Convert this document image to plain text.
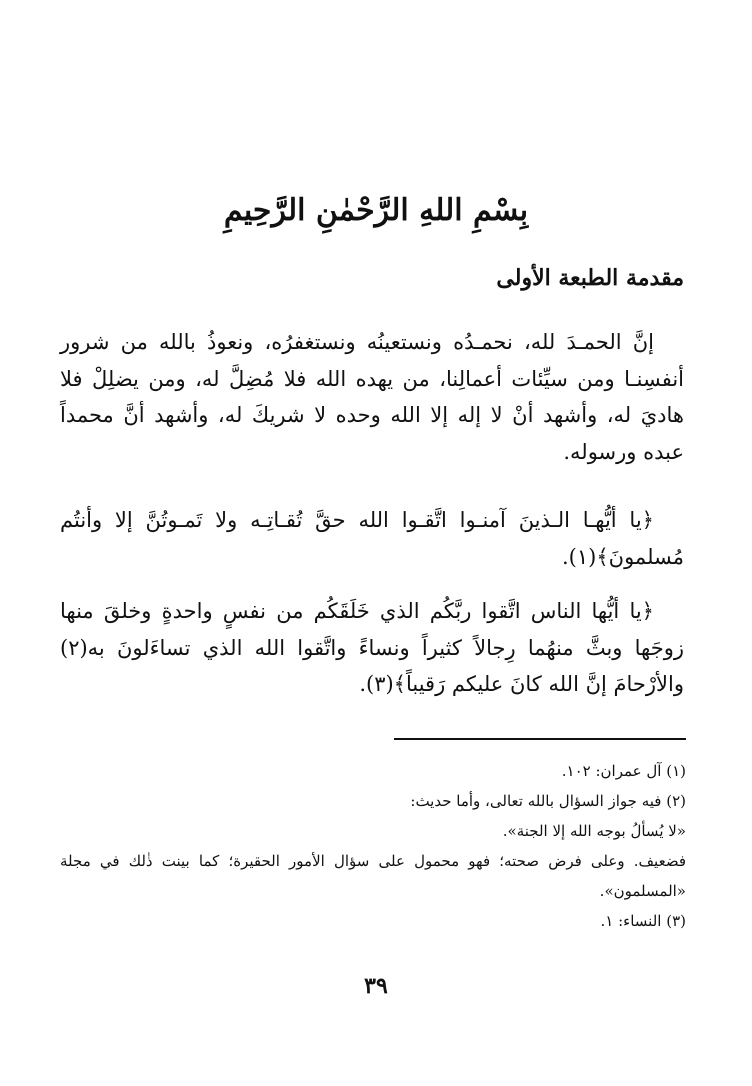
بِسْمِ اللهِ الرَّحْمٰنِ الرَّحِيمِ
مقدمة الطبعة الأولى

إنَّ الحمـدَ لله، نحمـدُه ونستعينُه ونستغفرُه، ونعوذُ بالله من شرور أنفسِنـا ومن سيِّئات أعمالِنا، من يهده الله فلا مُضِلَّ له، ومن يضلِلْ فلا هاديَ له، وأشهد أنْ لا إله إلا الله وحده لا شريكَ له، وأشهد أنَّ محمداً عبده ورسوله.

﴿يا أيُّهـا الـذينَ آمنـوا اتَّقـوا الله حقَّ تُقـاتِـه ولا تَمـوتُنَّ إلا وأنتُم مُسلمونَ﴾(١).

﴿يا أيُّها الناس اتَّقوا ربَّكُم الذي خَلَقَكُم من نفسٍ واحدةٍ وخلقَ منها زوجَها وبثَّ منهُما رِجالاً كثيراً ونساءً واتَّقوا الله الذي تساءَلونَ به(٢) والأرْحامَ إنَّ الله كانَ عليكم رَقيباً﴾(٣).

(١) آل عمران: ١٠٢.
(٢) فيه جواز السؤال بالله تعالى، وأما حديث:
«لا يُسألُ بوجه الله إلا الجنة».
فضعيف. وعلى فرض صحته؛ فهو محمول على سؤال الأمور الحقيرة؛ كما بينت ذٰلك في مجلة «المسلمون».
(٣) النساء: ١.
٣٩
